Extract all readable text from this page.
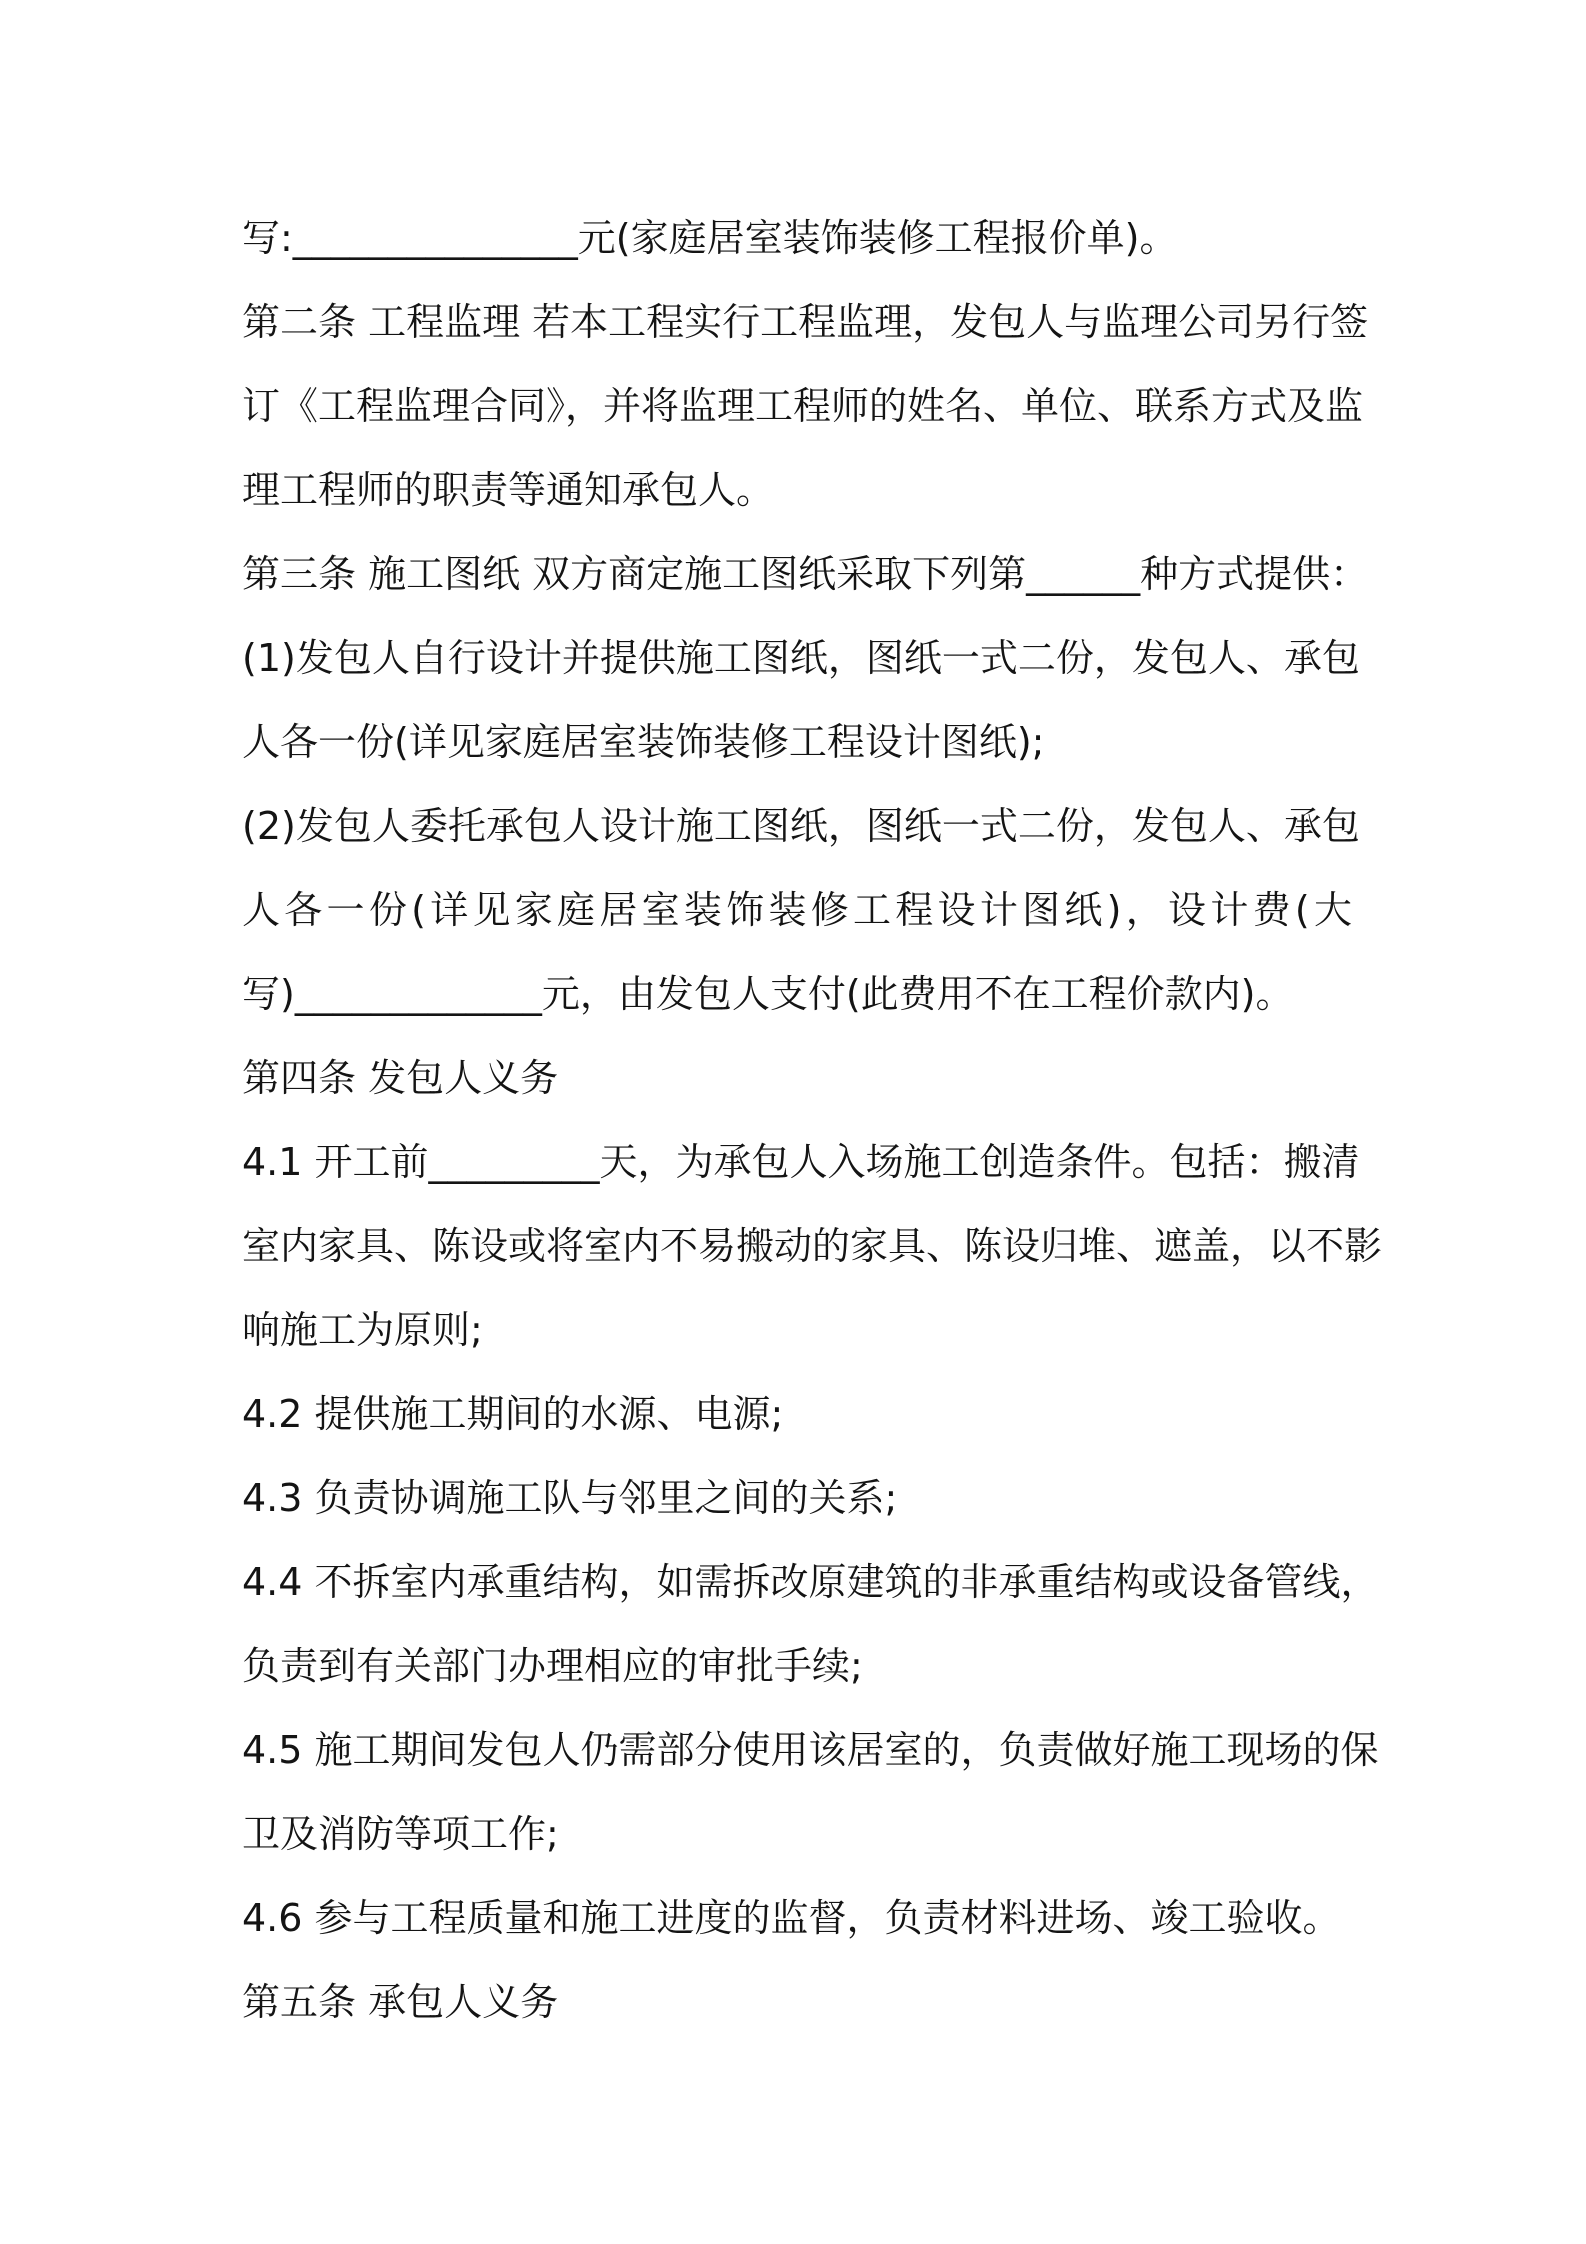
写:_______________元(家庭居室装饰装修工程报价单)。
第二条 工程监理 若本工程实行工程监理，发包人与监理公司另行签
订《工程监理合同》，并将监理工程师的姓名、单位、联系方式及监
理工程师的职责等通知承包人。
第三条 施工图纸 双方商定施工图纸采取下列第______种方式提供：
(1)发包人自行设计并提供施工图纸，图纸一式二份，发包人、承包
人各一份(详见家庭居室装饰装修工程设计图纸);
(2)发包人委托承包人设计施工图纸，图纸一式二份，发包人、承包
人各一份(详见家庭居室装饰装修工程设计图纸)，设计费(大
写)_____________元，由发包人支付(此费用不在工程价款内)。
第四条 发包人义务
4.1 开工前_________天，为承包人入场施工创造条件。包括：搬清
室内家具、陈设或将室内不易搬动的家具、陈设归堆、遮盖，以不影
响施工为原则;
4.2 提供施工期间的水源、电源;
4.3 负责协调施工队与邻里之间的关系;
4.4 不拆室内承重结构，如需拆改原建筑的非承重结构或设备管线，
负责到有关部门办理相应的审批手续;
4.5 施工期间发包人仍需部分使用该居室的，负责做好施工现场的保
卫及消防等项工作;
4.6 参与工程质量和施工进度的监督，负责材料进场、竣工验收。
第五条 承包人义务
